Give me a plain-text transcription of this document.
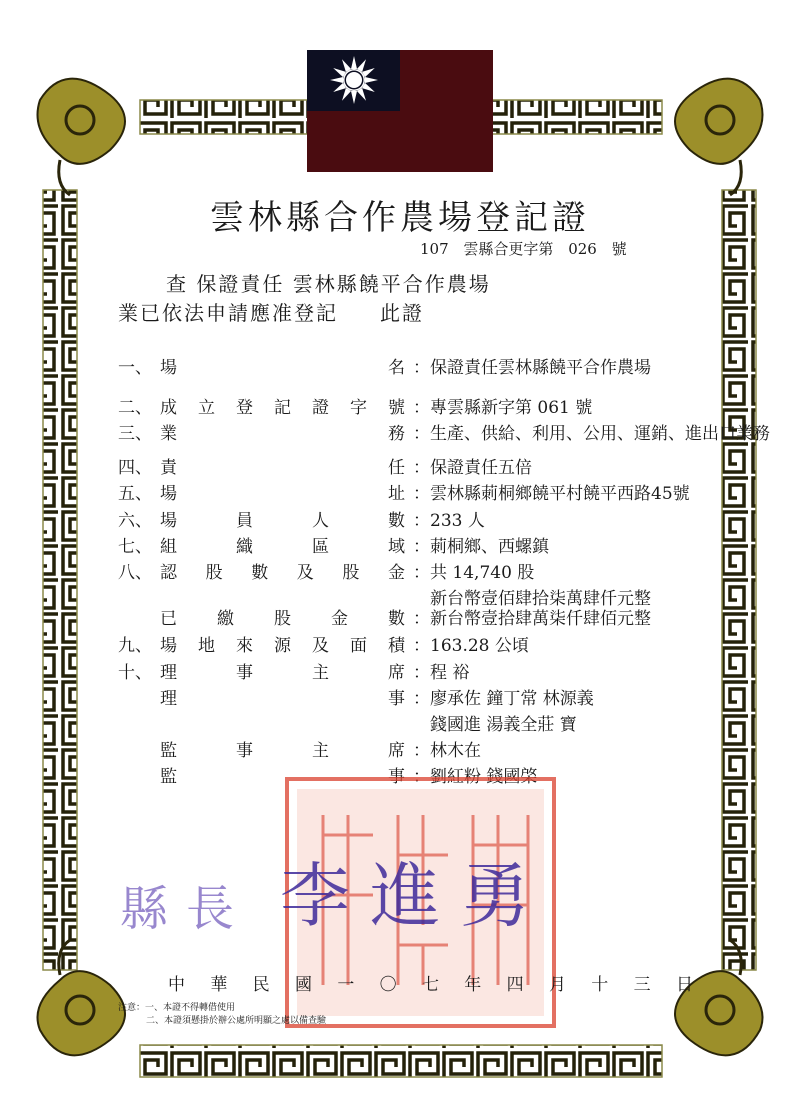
雲林縣合作農場登記證
107 雲縣合更字第 026 號
查 保證責任 雲林縣饒平合作農場
業已依法申請應准登記 此證
一、 場	名 ： 保證責任雲林縣饒平合作農場
二、 成 立 登 記 證 字 號 ： 專雲縣新字第 061 號
三、 業	務 ： 生產、供給、利用、公用、運銷、進出口業務
四、 責	任 ： 保證責任五倍
五、 場	址 ： 雲林縣莿桐鄉饒平村饒平西路45號
六、 場	員	人	數 ： 233 人
七、 組	織	區	域 ： 莿桐鄉、西螺鎮
八、 認 股 數 及 股 金 ： 共 14,740 股
新台幣壹佰肆拾柒萬肆仟元整
已 繳 股 金 數 ： 新台幣壹拾肆萬柒仟肆佰元整
九、 場 地 來 源 及 面 積 ： 163.28 公頃
十、 理	事	主	席 ： 程 裕
理	事 ： 廖承佐 鐘丁常 林源義
錢國進 湯義全莊 寶
監	事	主	席 ： 林木在
監	事 ： 劉紅粉 錢國棨
縣長 李進勇
中 華 民 國 一 〇 七 年 四 月 十 三 日
注意：一、本證不得轉借使用
二、本證須懸掛於辦公處所明顯之處以備查驗
